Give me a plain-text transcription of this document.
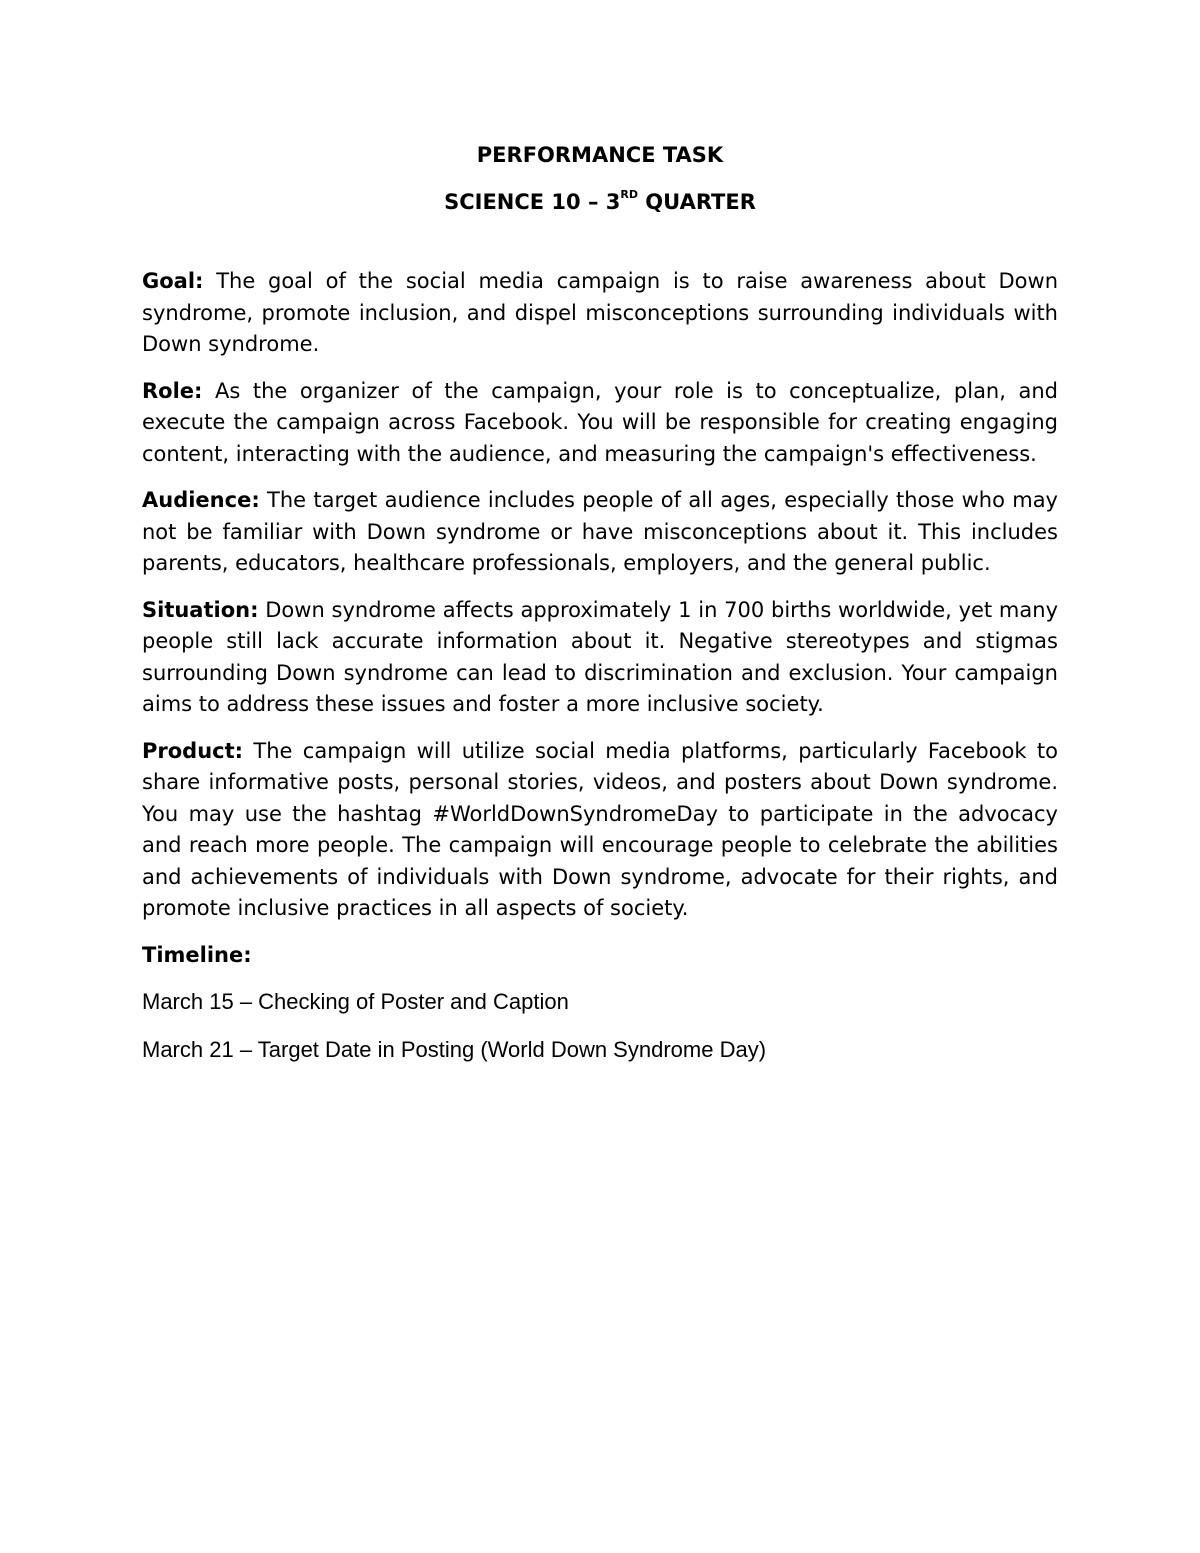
PERFORMANCE TASK
SCIENCE 10 – 3RD QUARTER

Goal: The goal of the social media campaign is to raise awareness about Down syndrome, promote inclusion, and dispel misconceptions surrounding individuals with Down syndrome.

Role: As the organizer of the campaign, your role is to conceptualize, plan, and execute the campaign across Facebook. You will be responsible for creating engaging content, interacting with the audience, and measuring the campaign's effectiveness.

Audience: The target audience includes people of all ages, especially those who may not be familiar with Down syndrome or have misconceptions about it. This includes parents, educators, healthcare professionals, employers, and the general public.

Situation: Down syndrome affects approximately 1 in 700 births worldwide, yet many people still lack accurate information about it. Negative stereotypes and stigmas surrounding Down syndrome can lead to discrimination and exclusion. Your campaign aims to address these issues and foster a more inclusive society.

Product: The campaign will utilize social media platforms, particularly Facebook to share informative posts, personal stories, videos, and posters about Down syndrome. You may use the hashtag #WorldDownSyndromeDay to participate in the advocacy and reach more people. The campaign will encourage people to celebrate the abilities and achievements of individuals with Down syndrome, advocate for their rights, and promote inclusive practices in all aspects of society.

Timeline:
March 15 – Checking of Poster and Caption
March 21 – Target Date in Posting (World Down Syndrome Day)
